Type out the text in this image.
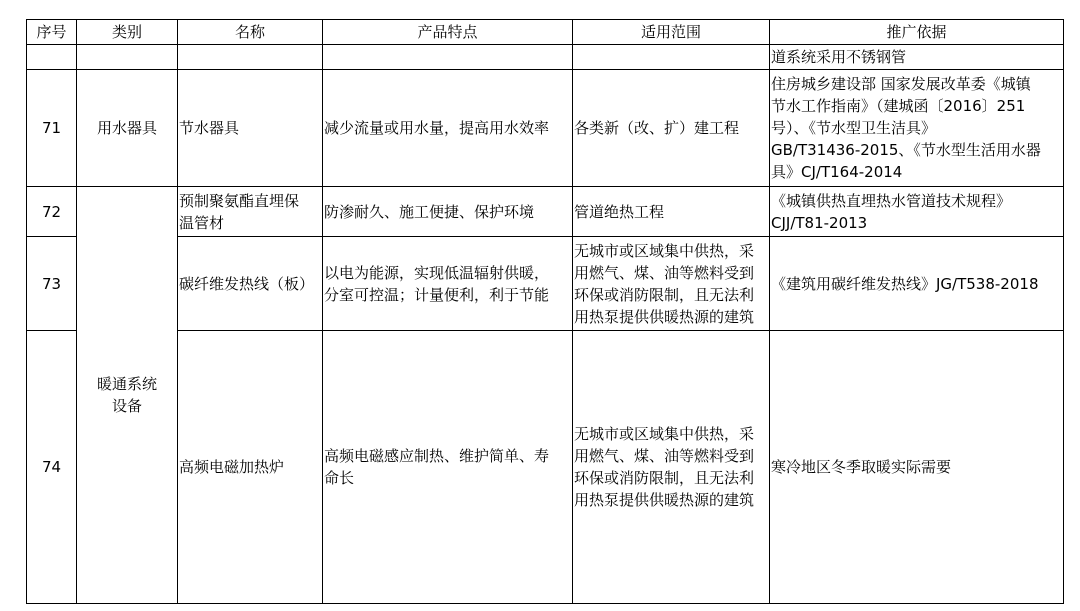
序号	类别	名称	产品特点	适用范围	推广依据
					道系统采用不锈钢管
71	用水器具	节水器具	减少流量或用水量，提高用水效率	各类新（改、扩）建工程	住房城乡建设部 国家发展改革委《城镇
节水工作指南》（建城函〔2016〕251
号）、《节水型卫生洁具》
GB/T31436-2015、《节水型生活用水器
具》CJ/T164-2014
72	暖通系统
设备	预制聚氨酯直埋保
温管材	防渗耐久、施工便捷、保护环境	管道绝热工程	《城镇供热直埋热水管道技术规程》
CJJ/T81-2013
73		碳纤维发热线（板）	以电为能源，实现低温辐射供暖，
分室可控温；计量便利，利于节能	无城市或区域集中供热，采
用燃气、煤、油等燃料受到
环保或消防限制，且无法利
用热泵提供供暖热源的建筑	《建筑用碳纤维发热线》JG/T538-2018
74		高频电磁加热炉	高频电磁感应制热、维护简单、寿
命长	无城市或区域集中供热，采
用燃气、煤、油等燃料受到
环保或消防限制，且无法利
用热泵提供供暖热源的建筑	寒冷地区冬季取暖实际需要
